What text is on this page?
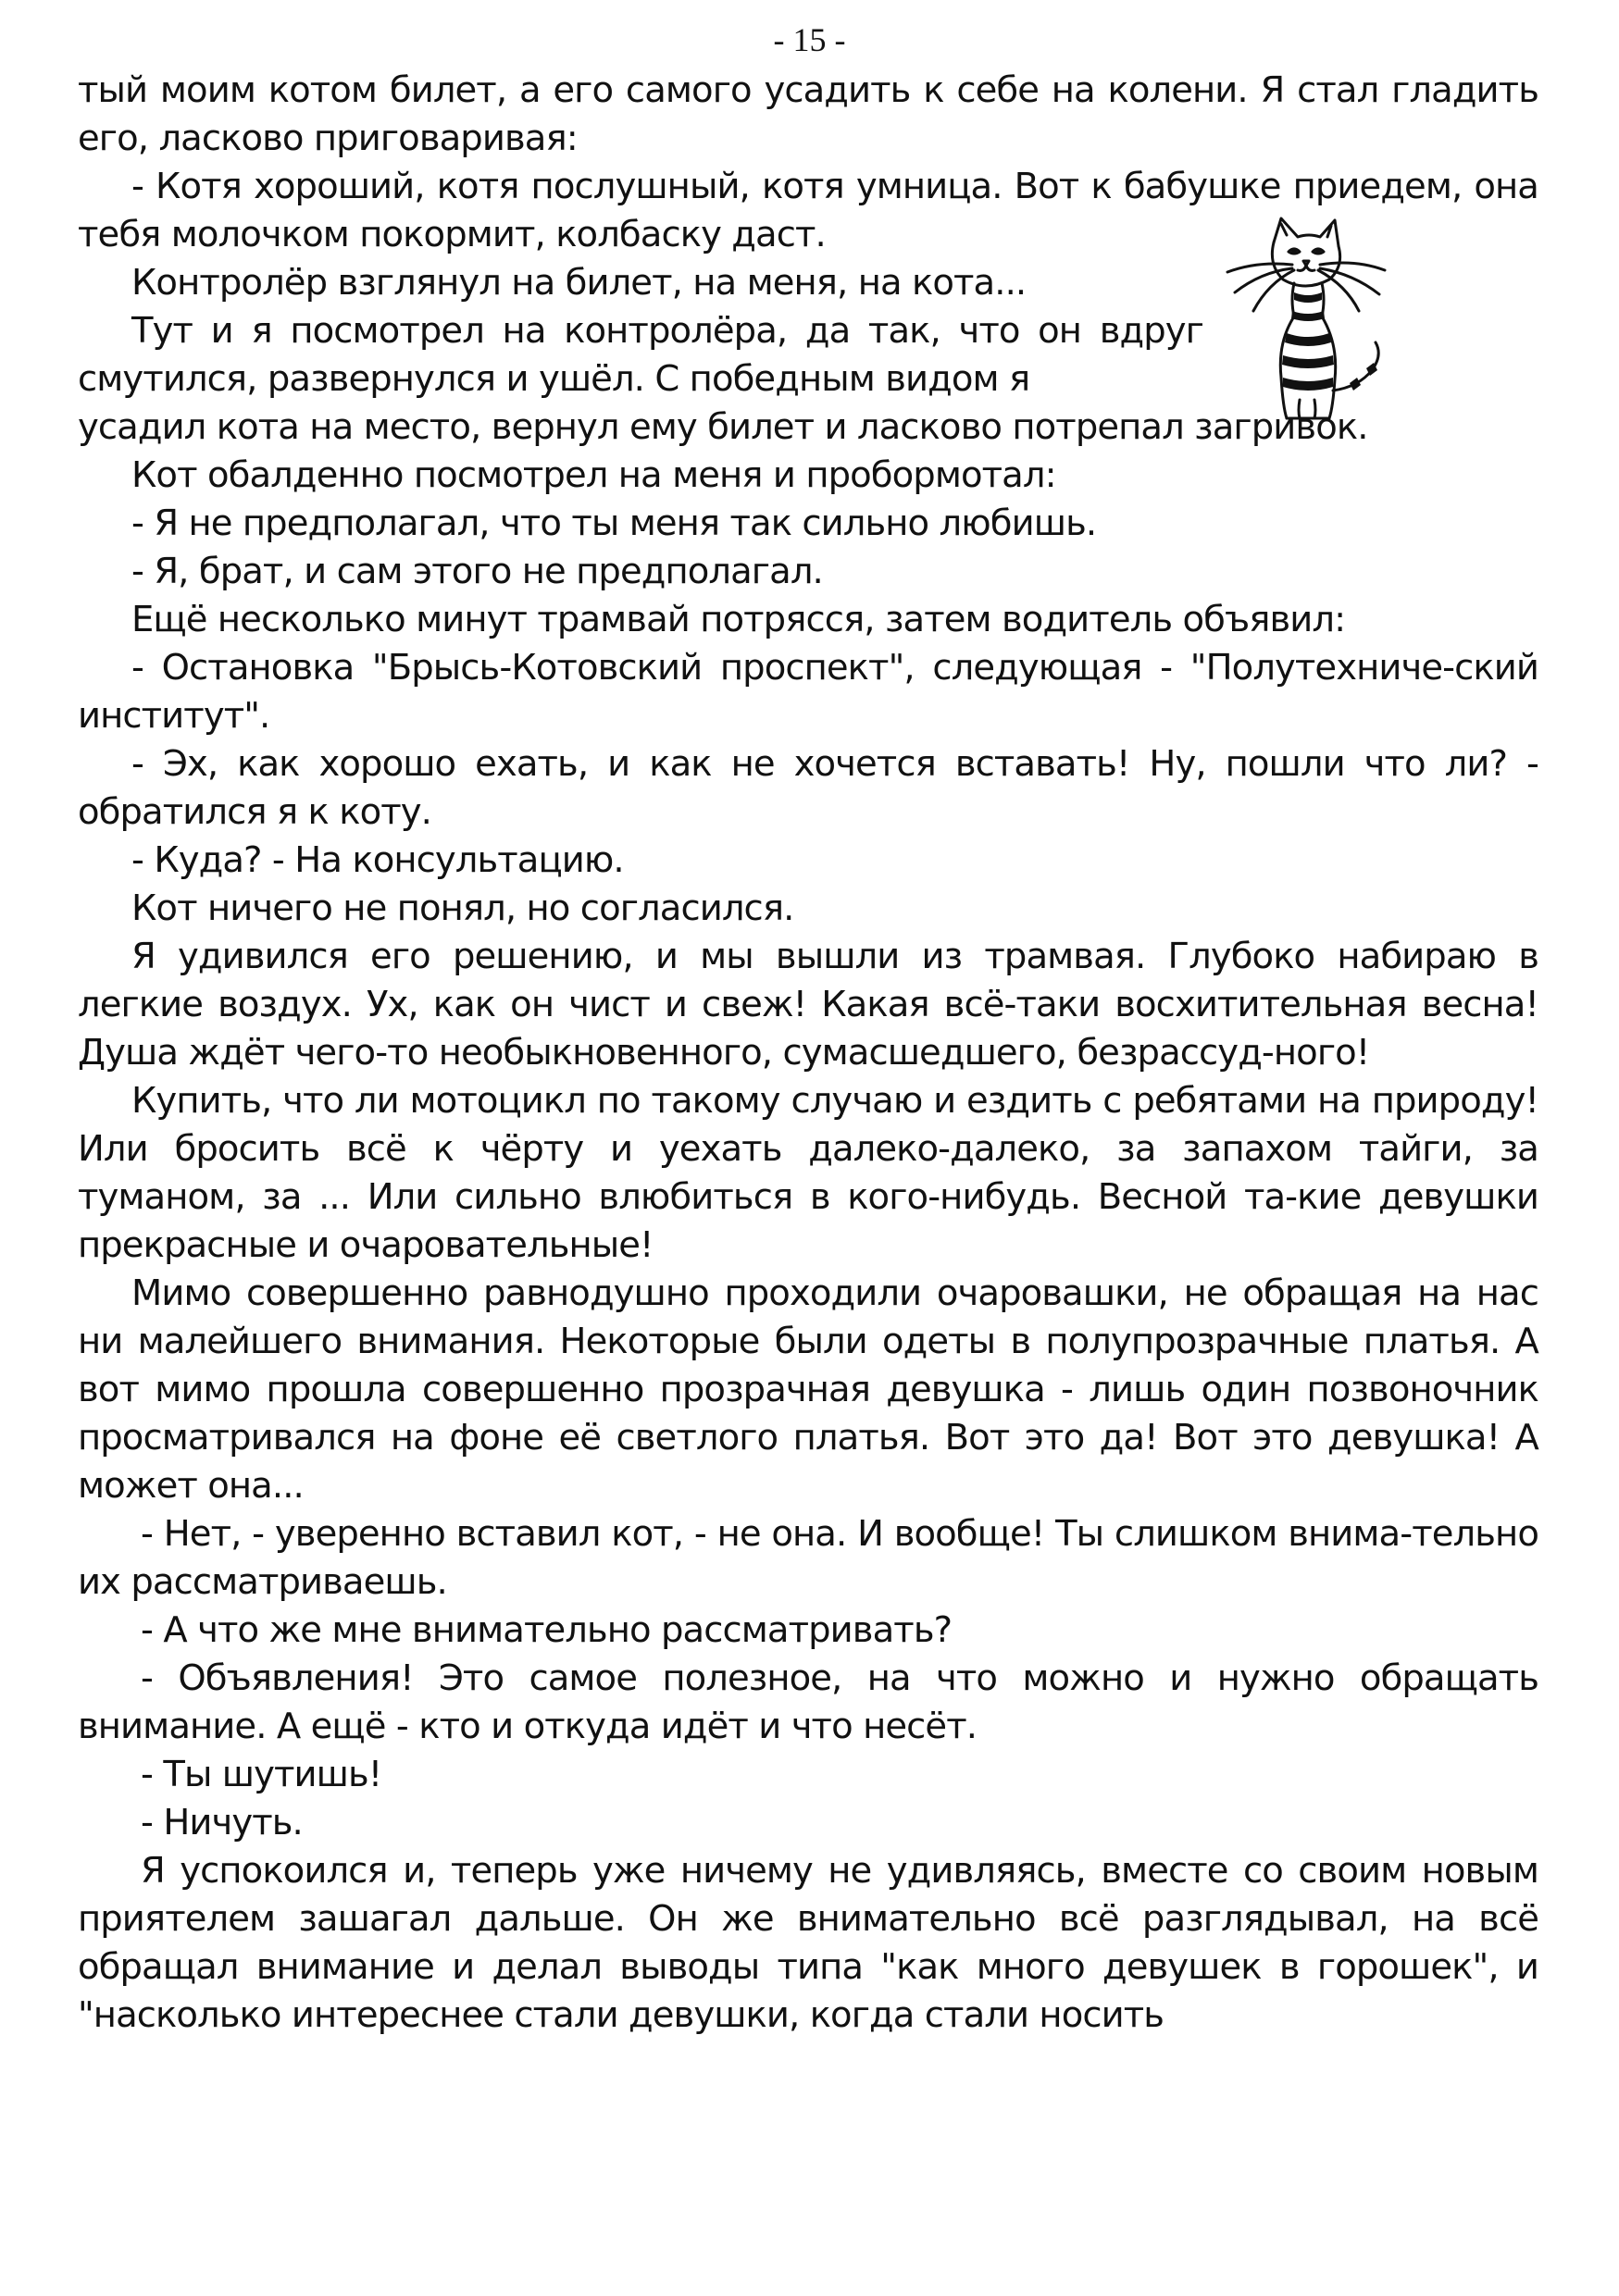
- 15 -

тый моим котом билет, а его самого усадить к себе на колени. Я стал гладить его, ласково приговаривая:

- Котя хороший, котя послушный, котя умница. Вот к бабушке приедем, она тебя молочком покормит, колбаску даст.

Контролёр взглянул на билет, на меня, на кота...

Тут и я посмотрел на контролёра, да так, что он вдруг смутился, развернулся и ушёл. С победным видом я

усадил кота на место, вернул ему билет и ласково потрепал загривок.

Кот обалденно посмотрел на меня и пробормотал:

- Я не предполагал, что ты меня так сильно любишь.

- Я, брат, и сам этого не предполагал.

Ещё несколько минут трамвай потрясся, затем водитель объявил:

- Остановка "Брысь-Котовский проспект", следующая - "Полутехниче-ский институт".

- Эх, как хорошо ехать, и как не хочется вставать! Ну, пошли что ли? - обратился я к коту.

- Куда? - На консультацию.

Кот ничего не понял, но согласился.

Я удивился его решению, и мы вышли из трамвая. Глубоко набираю в легкие воздух. Ух, как он чист и свеж! Какая всё-таки восхитительная весна! Душа ждёт чего-то необыкновенного, сумасшедшего, безрассуд-ного!

Купить, что ли мотоцикл по такому случаю и ездить с ребятами на природу! Или бросить всё к чёрту и уехать далеко-далеко, за запахом тайги, за туманом, за ... Или сильно влюбиться в кого-нибудь. Весной та-кие девушки прекрасные и очаровательные!

Мимо совершенно равнодушно проходили очаровашки, не обращая на нас ни малейшего внимания. Некоторые были одеты в полупрозрачные платья. А вот мимо прошла совершенно прозрачная девушка - лишь один позвоночник просматривался на фоне её светлого платья. Вот это да! Вот это девушка! А может она...

- Нет, - уверенно вставил кот, - не она. И вообще! Ты слишком внима-тельно их рассматриваешь.

- А что же мне внимательно рассматривать?

- Объявления! Это самое полезное, на что можно и нужно обращать внимание. А ещё - кто и откуда идёт и что несёт.

- Ты шутишь!

- Ничуть.

Я успокоился и, теперь уже ничему не удивляясь, вместе со своим новым приятелем зашагал дальше. Он же внимательно всё разглядывал, на всё обращал внимание и делал выводы типа "как много девушек в горошек", и "насколько интереснее стали девушки, когда стали носить
